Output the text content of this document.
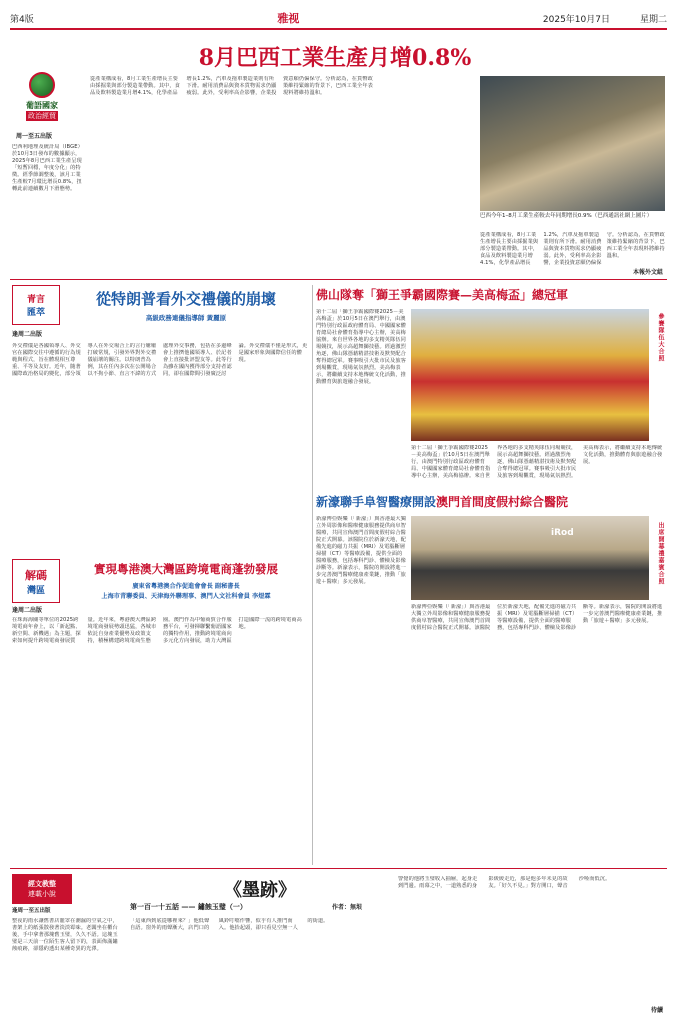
第4版	雅视	2025年10月7日	星期二
8月巴西工業生產月增0.8%
葡語國家
政治經貿
周一至五出版
巴西利地理及統計局（IBGE）於10月3日發布的數據顯示，2025年8月巴西工業生產呈現「短暫回穩，年度分化」的特徵。經季節調整後，該月工業生產較7月環比增長0.8%，扭轉此前連續數月下滑態勢。
從產業構成看，8月工業生產增長主要由採掘業與部分製造業帶動。其中，食品及飲料製造業月增4.1%，化學產品增長1.2%，汽車及拖車製造業則有所下滑。耐用消費品與資本貨物需求仍顯疲弱。此外，受利率高企影響，企業投資意願仍偏保守。分析認為，在貨幣政策維持緊縮的背景下，巴西工業全年表現料將維持溫和。
巴西今年1–8月工業生產較去年同期增長0.9%（巴西通訊社網上圖片）
從產業構成看，8月工業生產增長主要由採掘業與部分製造業帶動。其中，食品及飲料製造業月增4.1%，化學產品增長1.2%，汽車及拖車製造業則有所下滑。耐用消費品與資本貨物需求仍顯疲弱。此外，受利率高企影響，企業投資意願仍偏保守。分析認為，在貨幣政策維持緊縮的背景下，巴西工業全年表現料將維持溫和。
本報外文組
青言
匯萃
逢周二出版
從特朗普看外交禮儀的崩壞
高級政務連儀指導師 黃麗原
外交禮儀是各國領導人、外交官在國際交往中遵循的行為規範與程式，旨在體現相互尊重、平等及友好。近年，隨著國際政治格局的變化，部分領導人在外交場合上的言行屢屢打破常規，引發外界對外交禮儀崩壞的關注。以特朗普為例，其在任內多次在公開場合以不拘小節、直言不諱的方式處理外交事務，包括在多邊峰會上推擠他國領導人、於記者會上直接批評盟友等。此等行為雖在國內獲得部分支持者認同，卻在國際間引發廣泛討論。外交禮儀不僅是形式，更是國家形象與國際信任的體現。
佛山隊奪「獅王爭霸國際賽—美高梅盃」總冠軍
第十二屆「獅王爭霸國際賽2025－美高梅盃」於10月5日在澳門舉行，由澳門特別行政區政府體育局、中國國家體育總局社會體育指導中心主辦，美高梅協辦。來自世界各地的多支精英隊伍同場競技，展示高超舞獅技藝。經過激烈角逐，佛山隊憑藉精湛技術及默契配合奪得總冠軍。賽事吸引大批市民及旅客到場觀賞，現場氣氛熱烈。美高梅表示，將繼續支持本地傳統文化活動，推動體育與旅遊融合發展。
參賽隊伍大合照
第十二屆「獅王爭霸國際賽2025－美高梅盃」於10月5日在澳門舉行，由澳門特別行政區政府體育局、中國國家體育總局社會體育指導中心主辦，美高梅協辦。來自世界各地的多支精英隊伍同場競技，展示高超舞獅技藝。經過激烈角逐，佛山隊憑藉精湛技術及默契配合奪得總冠軍。賽事吸引大批市民及旅客到場觀賞，現場氣氛熱烈。美高梅表示，將繼續支持本地傳統文化活動，推動體育與旅遊融合發展。
新濠聯手阜智醫療開設澳門首間度假村綜合醫院
新濠博亞娛樂（「新濠」）與香港最大獨立外周影像和醫療健康服務提供商阜智醫療，共同宣佈澳門首間度假村綜合醫院正式開幕。該醫院位於新濠天地，配備先進的磁力共振（MRI）及電腦斷層掃描（CT）等醫療設備，提供全面的醫療服務，包括專科門診、體檢及影像診斷等。新濠表示，醫院的開設將進一步完善澳門醫療健康產業鏈，推動「旅遊＋醫療」多元發展。
iRod	出席開幕禮嘉賓合照
新濠博亞娛樂（「新濠」）與香港最大獨立外周影像和醫療健康服務提供商阜智醫療，共同宣佈澳門首間度假村綜合醫院正式開幕。該醫院位於新濠天地，配備先進的磁力共振（MRI）及電腦斷層掃描（CT）等醫療設備，提供全面的醫療服務，包括專科門診、體檢及影像診斷等。新濠表示，醫院的開設將進一步完善澳門醫療健康產業鏈，推動「旅遊＋醫療」多元發展。
解碼
灣區
逢周二出版
實現粵港澳大灣區跨境電商蓬勃發展
廣東省粵港澳合作促進會會長 副秘書長
上海市青聯委員、天津海外聯理事、澳門人文社科會員 李煜霖
在珠海海關等單位的2025跨境電商年會上，以「新起點、新空間、新機遇」為主題，探索如何提升跨境電商發展質量。近年來，粵港澳大灣區跨境電商發展勢頭迅猛，各城市依託自身產業優勢及政策支持，積極構建跨境電商生態圈。澳門作為中葡商貿合作服務平台，可發揮聯繫葡語國家的獨特作用，推動跨境電商向多元化方向發展，助力大灣區打造國際一流的跨境電商高地。
經文教整
連載小說
逢周一至五出版
整夜的雨水讓舊書店籠罩在潮濕的空氣之中，書架上的紙張散發著淡淡霉味。老闆坐在櫃台後，手中拿著那塊舊玉璧，久久不語。這塊玉璧是三天前一位陌生客人留下的，表面佈滿鏽蝕痕跡，卻隱約透出某種奇異的光澤。
《墨跡》
第一百一十五話 —— 鏽蝕玉璧（一）	作者：無垠
「這東西到底從哪裡來？」他低聲自語。窗外的雨聲漸大，店門口的風鈴叮噹作響，似乎有人推門而入。他抬起頭，卻只看見空無一人的街道。
警覺的他將玉璧收入抽屜，起身走到門邊。雨幕之中，一道熟悉的身影緩緩走近，那是他多年未見的故友。「好久不見。」對方開口，聲音沙啞而低沉。
待續
